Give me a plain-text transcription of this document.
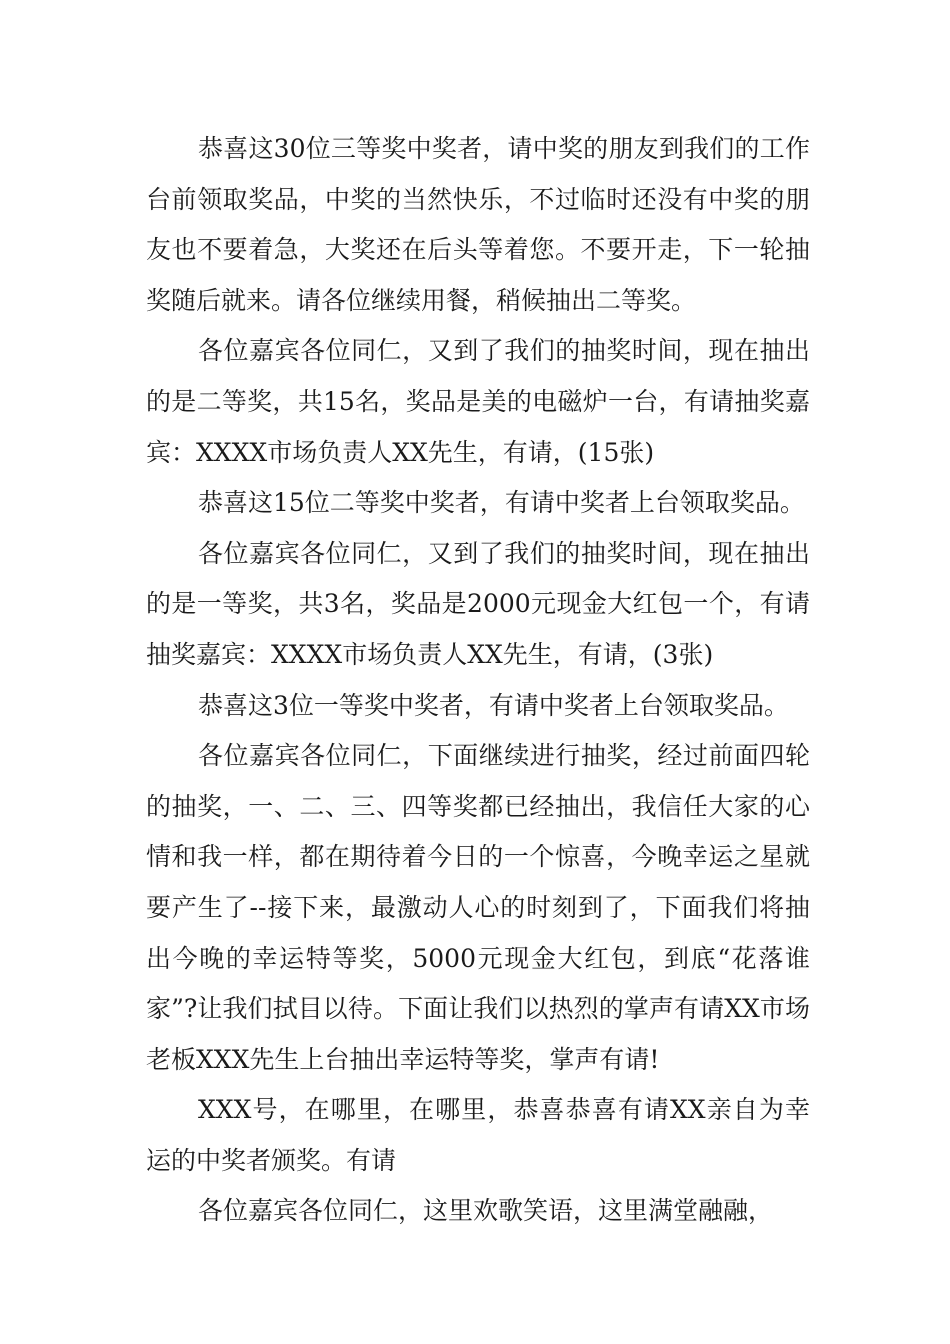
恭喜这30位三等奖中奖者，请中奖的朋友到我们的工作台前领取奖品，中奖的当然快乐，不过临时还没有中奖的朋友也不要着急，大奖还在后头等着您。不要开走，下一轮抽奖随后就来。请各位继续用餐，稍候抽出二等奖。

各位嘉宾各位同仁，又到了我们的抽奖时间，现在抽出的是二等奖，共15名，奖品是美的电磁炉一台，有请抽奖嘉宾：XXXX市场负责人XX先生，有请，(15张)

恭喜这15位二等奖中奖者，有请中奖者上台领取奖品。

各位嘉宾各位同仁，又到了我们的抽奖时间，现在抽出的是一等奖，共3名，奖品是2000元现金大红包一个，有请抽奖嘉宾：XXXX市场负责人XX先生，有请，(3张)

恭喜这3位一等奖中奖者，有请中奖者上台领取奖品。

各位嘉宾各位同仁，下面继续进行抽奖，经过前面四轮的抽奖，一、二、三、四等奖都已经抽出，我信任大家的心情和我一样，都在期待着今日的一个惊喜，今晚幸运之星就要产生了--接下来，最激动人心的时刻到了，下面我们将抽出今晚的幸运特等奖，5000元现金大红包，到底“花落谁家”?让我们拭目以待。下面让我们以热烈的掌声有请XX市场老板XXX先生上台抽出幸运特等奖，掌声有请!

XXX号，在哪里，在哪里，恭喜恭喜有请XX亲自为幸运的中奖者颁奖。有请

各位嘉宾各位同仁，这里欢歌笑语，这里满堂融融，
